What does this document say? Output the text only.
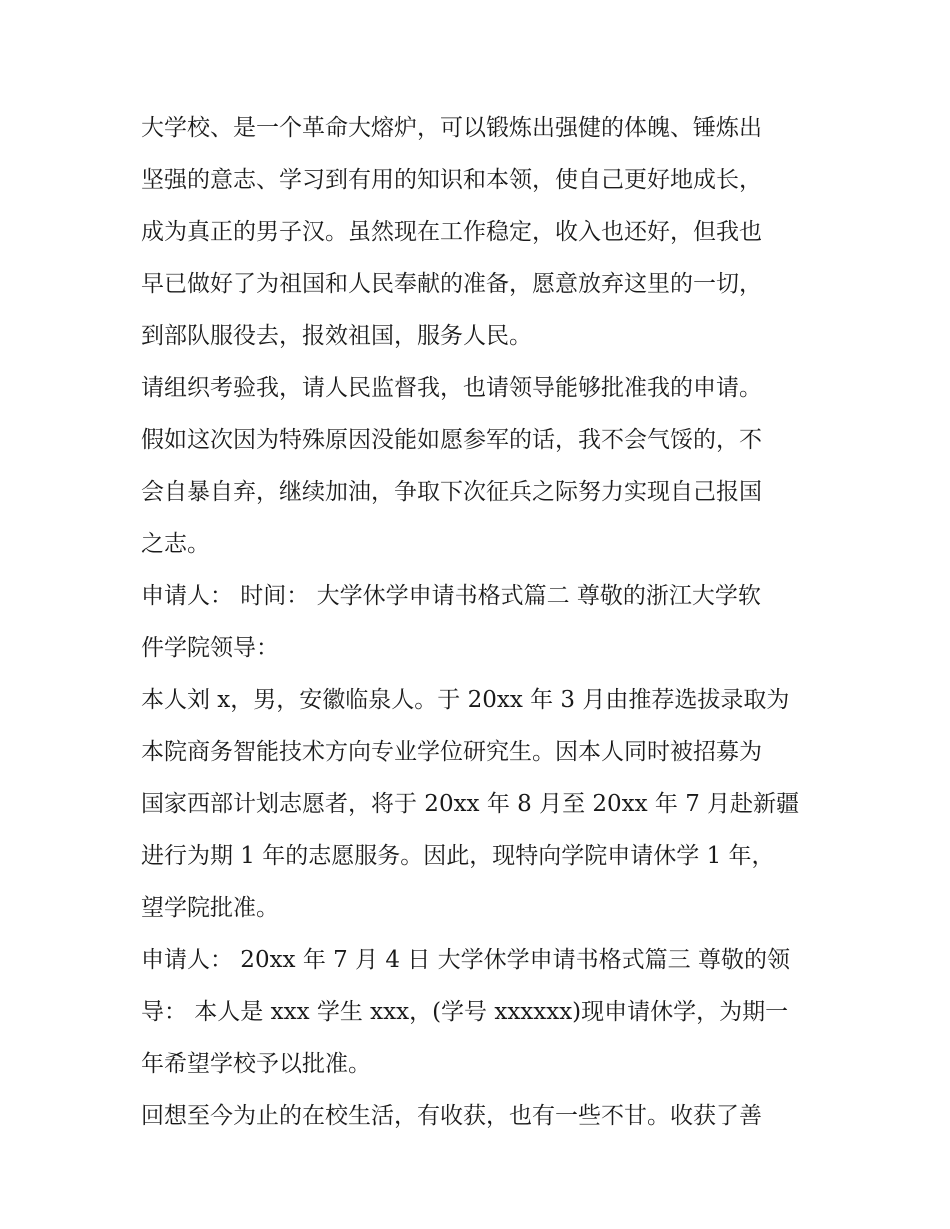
大学校、是一个革命大熔炉，可以锻炼出强健的体魄、锤炼出

坚强的意志、学习到有用的知识和本领，使自己更好地成长，

成为真正的男子汉。虽然现在工作稳定，收入也还好，但我也

早已做好了为祖国和人民奉献的准备，愿意放弃这里的一切，

到部队服役去，报效祖国，服务人民。

请组织考验我，请人民监督我，也请领导能够批准我的申请。

假如这次因为特殊原因没能如愿参军的话，我不会气馁的，不

会自暴自弃，继续加油，争取下次征兵之际努力实现自己报国

之志。

申请人： 时间： 大学休学申请书格式篇二 尊敬的浙江大学软

件学院领导：

本人刘 x，男，安徽临泉人。于 20xx 年 3 月由推荐选拔录取为

本院商务智能技术方向专业学位研究生。因本人同时被招募为

国家西部计划志愿者，将于 20xx 年 8 月至 20xx 年 7 月赴新疆

进行为期 1 年的志愿服务。因此，现特向学院申请休学 1 年，

望学院批准。

申请人： 20xx 年 7 月 4 日 大学休学申请书格式篇三 尊敬的领

导： 本人是 xxx 学生 xxx，(学号 xxxxxx)现申请休学，为期一

年希望学校予以批准。

回想至今为止的在校生活，有收获，也有一些不甘。收获了善
